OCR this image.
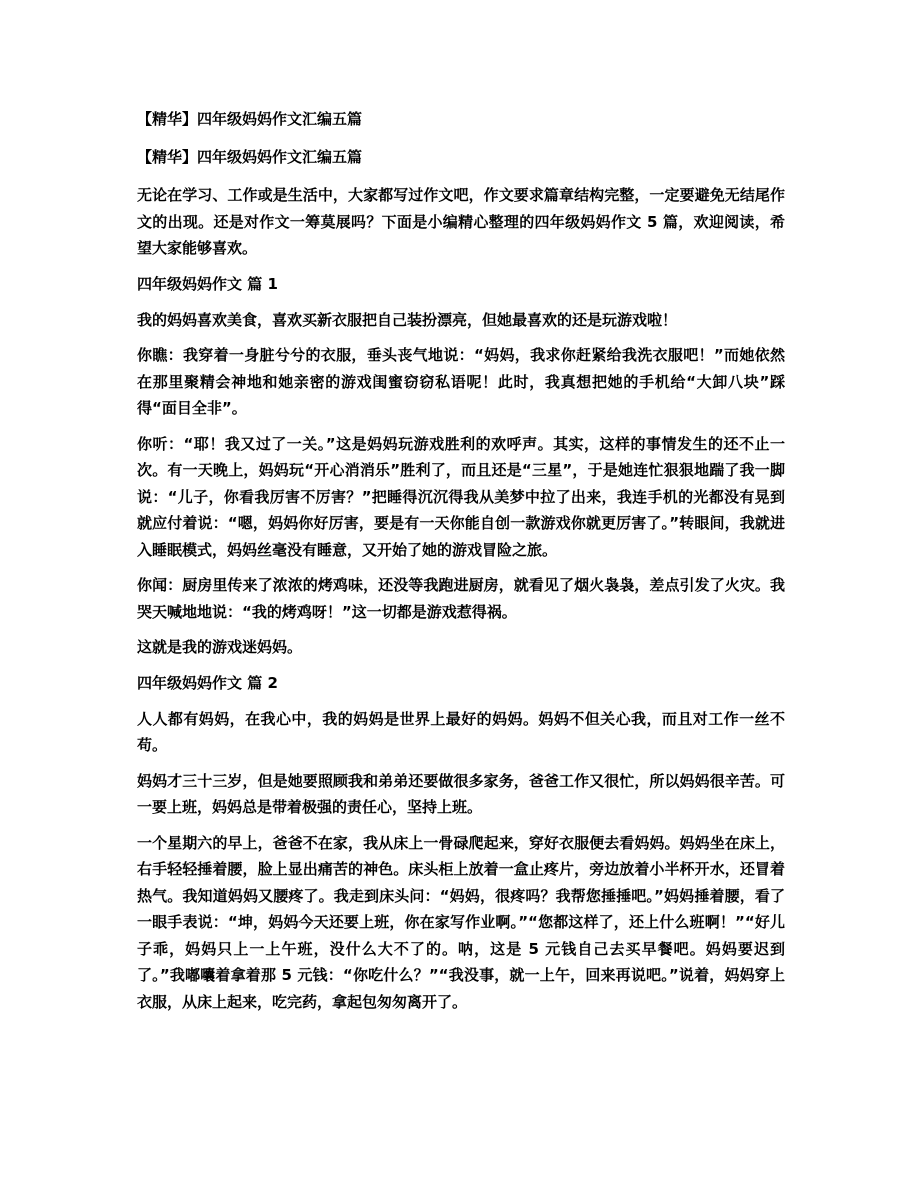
【精华】四年级妈妈作文汇编五篇
【精华】四年级妈妈作文汇编五篇
无论在学习、工作或是生活中，大家都写过作文吧，作文要求篇章结构完整，一定要避免无结尾作文的出现。还是对作文一筹莫展吗？下面是小编精心整理的四年级妈妈作文 5 篇，欢迎阅读，希望大家能够喜欢。
四年级妈妈作文 篇 1
我的妈妈喜欢美食，喜欢买新衣服把自己装扮漂亮，但她最喜欢的还是玩游戏啦！
你瞧：我穿着一身脏兮兮的衣服，垂头丧气地说：“妈妈，我求你赶紧给我洗衣服吧！”而她依然在那里聚精会神地和她亲密的游戏闺蜜窃窃私语呢！此时，我真想把她的手机给“大卸八块”踩得“面目全非”。
你听：“耶！我又过了一关。”这是妈妈玩游戏胜利的欢呼声。其实，这样的事情发生的还不止一次。有一天晚上，妈妈玩“开心消消乐”胜利了，而且还是“三星”，于是她连忙狠狠地踹了我一脚说：“儿子，你看我厉害不厉害？”把睡得沉沉得我从美梦中拉了出来，我连手机的光都没有晃到就应付着说：“嗯，妈妈你好厉害，要是有一天你能自创一款游戏你就更厉害了。”转眼间，我就进入睡眠模式，妈妈丝毫没有睡意，又开始了她的游戏冒险之旅。
你闻：厨房里传来了浓浓的烤鸡味，还没等我跑进厨房，就看见了烟火袅袅，差点引发了火灾。我哭天喊地地说：“我的烤鸡呀！”这一切都是游戏惹得祸。
这就是我的游戏迷妈妈。
四年级妈妈作文 篇 2
人人都有妈妈，在我心中，我的妈妈是世界上最好的妈妈。妈妈不但关心我，而且对工作一丝不苟。
妈妈才三十三岁，但是她要照顾我和弟弟还要做很多家务，爸爸工作又很忙，所以妈妈很辛苦。可一要上班，妈妈总是带着极强的责任心，坚持上班。
一个星期六的早上，爸爸不在家，我从床上一骨碌爬起来，穿好衣服便去看妈妈。妈妈坐在床上，右手轻轻捶着腰，脸上显出痛苦的神色。床头柜上放着一盒止疼片，旁边放着小半杯开水，还冒着热气。我知道妈妈又腰疼了。我走到床头问：“妈妈，很疼吗？我帮您捶捶吧。”妈妈捶着腰，看了一眼手表说：“坤，妈妈今天还要上班，你在家写作业啊。”“您都这样了，还上什么班啊！”“好儿子乖，妈妈只上一上午班，没什么大不了的。呐，这是 5 元钱自己去买早餐吧。妈妈要迟到了。”我嘟囔着拿着那 5 元钱：“你吃什么？”“我没事，就一上午，回来再说吧。”说着，妈妈穿上衣服，从床上起来，吃完药，拿起包匆匆离开了。
